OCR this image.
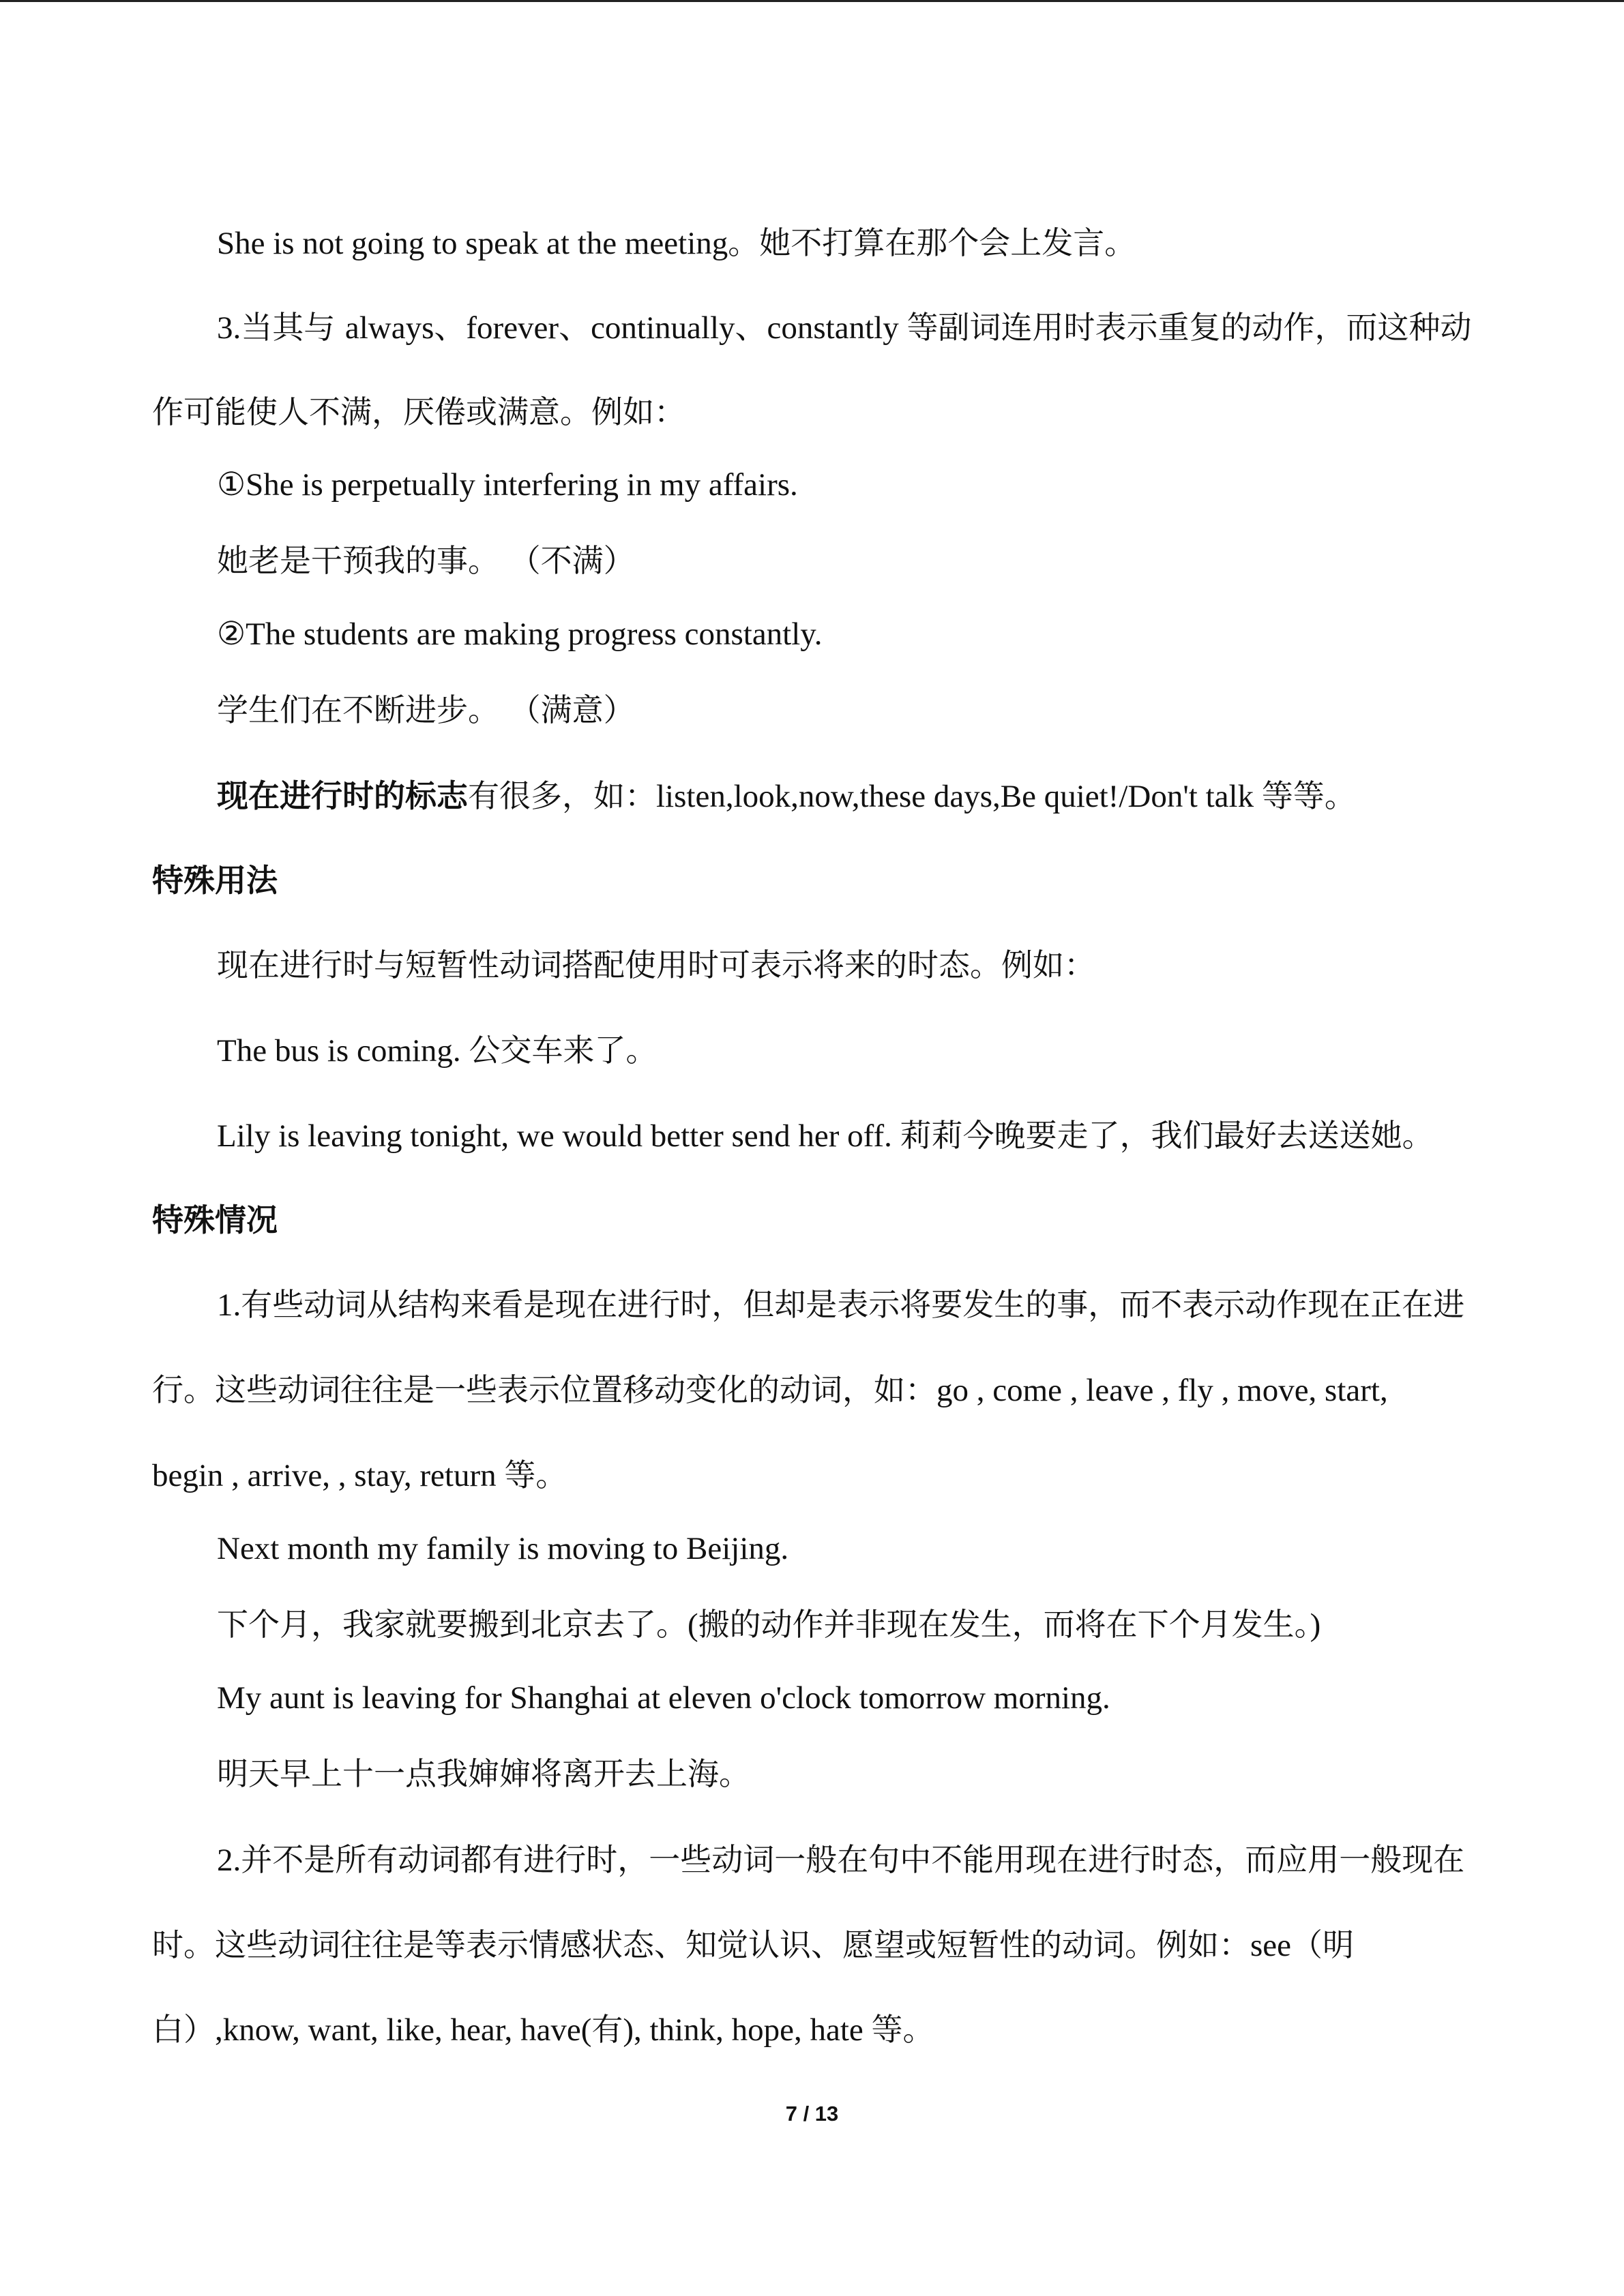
She is not going to speak at the meeting。她不打算在那个会上发言。
3.当其与 always、forever、continually、constantly 等副词连用时表示重复的动作，而这种动
作可能使人不满，厌倦或满意。例如：
①She is perpetually interfering in my affairs.
她老是干预我的事。 （不满）
②The students are making progress constantly.
学生们在不断进步。 （满意）
现在进行时的标志有很多，如：listen,look,now,these days,Be quiet!/Don't talk 等等。
特殊用法
现在进行时与短暂性动词搭配使用时可表示将来的时态。例如：
The bus is coming. 公交车来了。
Lily is leaving tonight, we would better send her off. 莉莉今晚要走了，我们最好去送送她。
特殊情况
1.有些动词从结构来看是现在进行时，但却是表示将要发生的事，而不表示动作现在正在进
行。这些动词往往是一些表示位置移动变化的动词，如：go , come , leave , fly , move, start,
begin , arrive, , stay, return 等。
Next month my family is moving to Beijing.
下个月，我家就要搬到北京去了。(搬的动作并非现在发生，而将在下个月发生。)
My aunt is leaving for Shanghai at eleven o'clock tomorrow morning.
明天早上十一点我婶婶将离开去上海。
2.并不是所有动词都有进行时，一些动词一般在句中不能用现在进行时态，而应用一般现在
时。这些动词往往是等表示情感状态、知觉认识、愿望或短暂性的动词。例如：see（明
白）,know, want, like, hear, have(有), think, hope, hate 等。
7 / 13
